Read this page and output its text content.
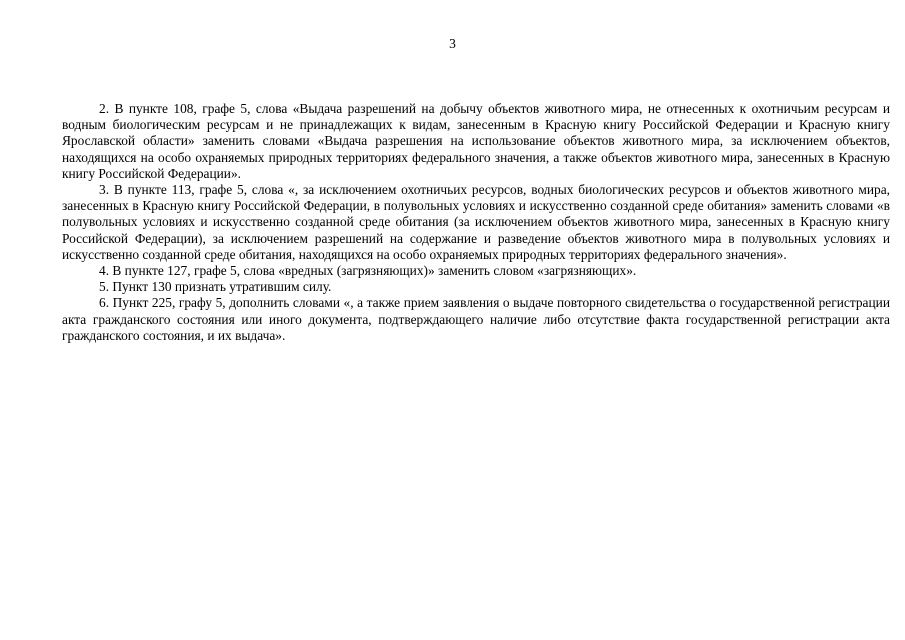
3

2. В пункте 108, графе 5, слова «Выдача разрешений на добычу объектов животного мира, не отнесенных к охотничьим ресурсам и водным биологическим ресурсам и не принадлежащих к видам, занесенным в Красную книгу Российской Федерации и Красную книгу Ярославской области» заменить словами «Выдача разрешения на использование объектов животного мира, за исключением объектов, находящихся на особо охраняемых природных территориях федерального значения, а также объектов животного мира, занесенных в Красную книгу Российской Федерации».

3. В пункте 113, графе 5, слова «, за исключением охотничьих ресурсов, водных биологических ресурсов и объектов животного мира, занесенных в Красную книгу Российской Федерации, в полувольных условиях и искусственно созданной среде обитания» заменить словами «в полувольных условиях и искусственно созданной среде обитания (за исключением объектов животного мира, занесенных в Красную книгу Российской Федерации), за исключением разрешений на содержание и разведение объектов животного мира в полувольных условиях и искусственно созданной среде обитания, находящихся на особо охраняемых природных территориях федерального значения».

4. В пункте 127, графе 5, слова «вредных (загрязняющих)» заменить словом «загрязняющих».

5. Пункт 130 признать утратившим силу.

6. Пункт 225, графу 5, дополнить словами «, а также прием заявления о выдаче повторного свидетельства о государственной регистрации акта гражданского состояния или иного документа, подтверждающего наличие либо отсутствие факта государственной регистрации акта гражданского состояния, и их выдача».
